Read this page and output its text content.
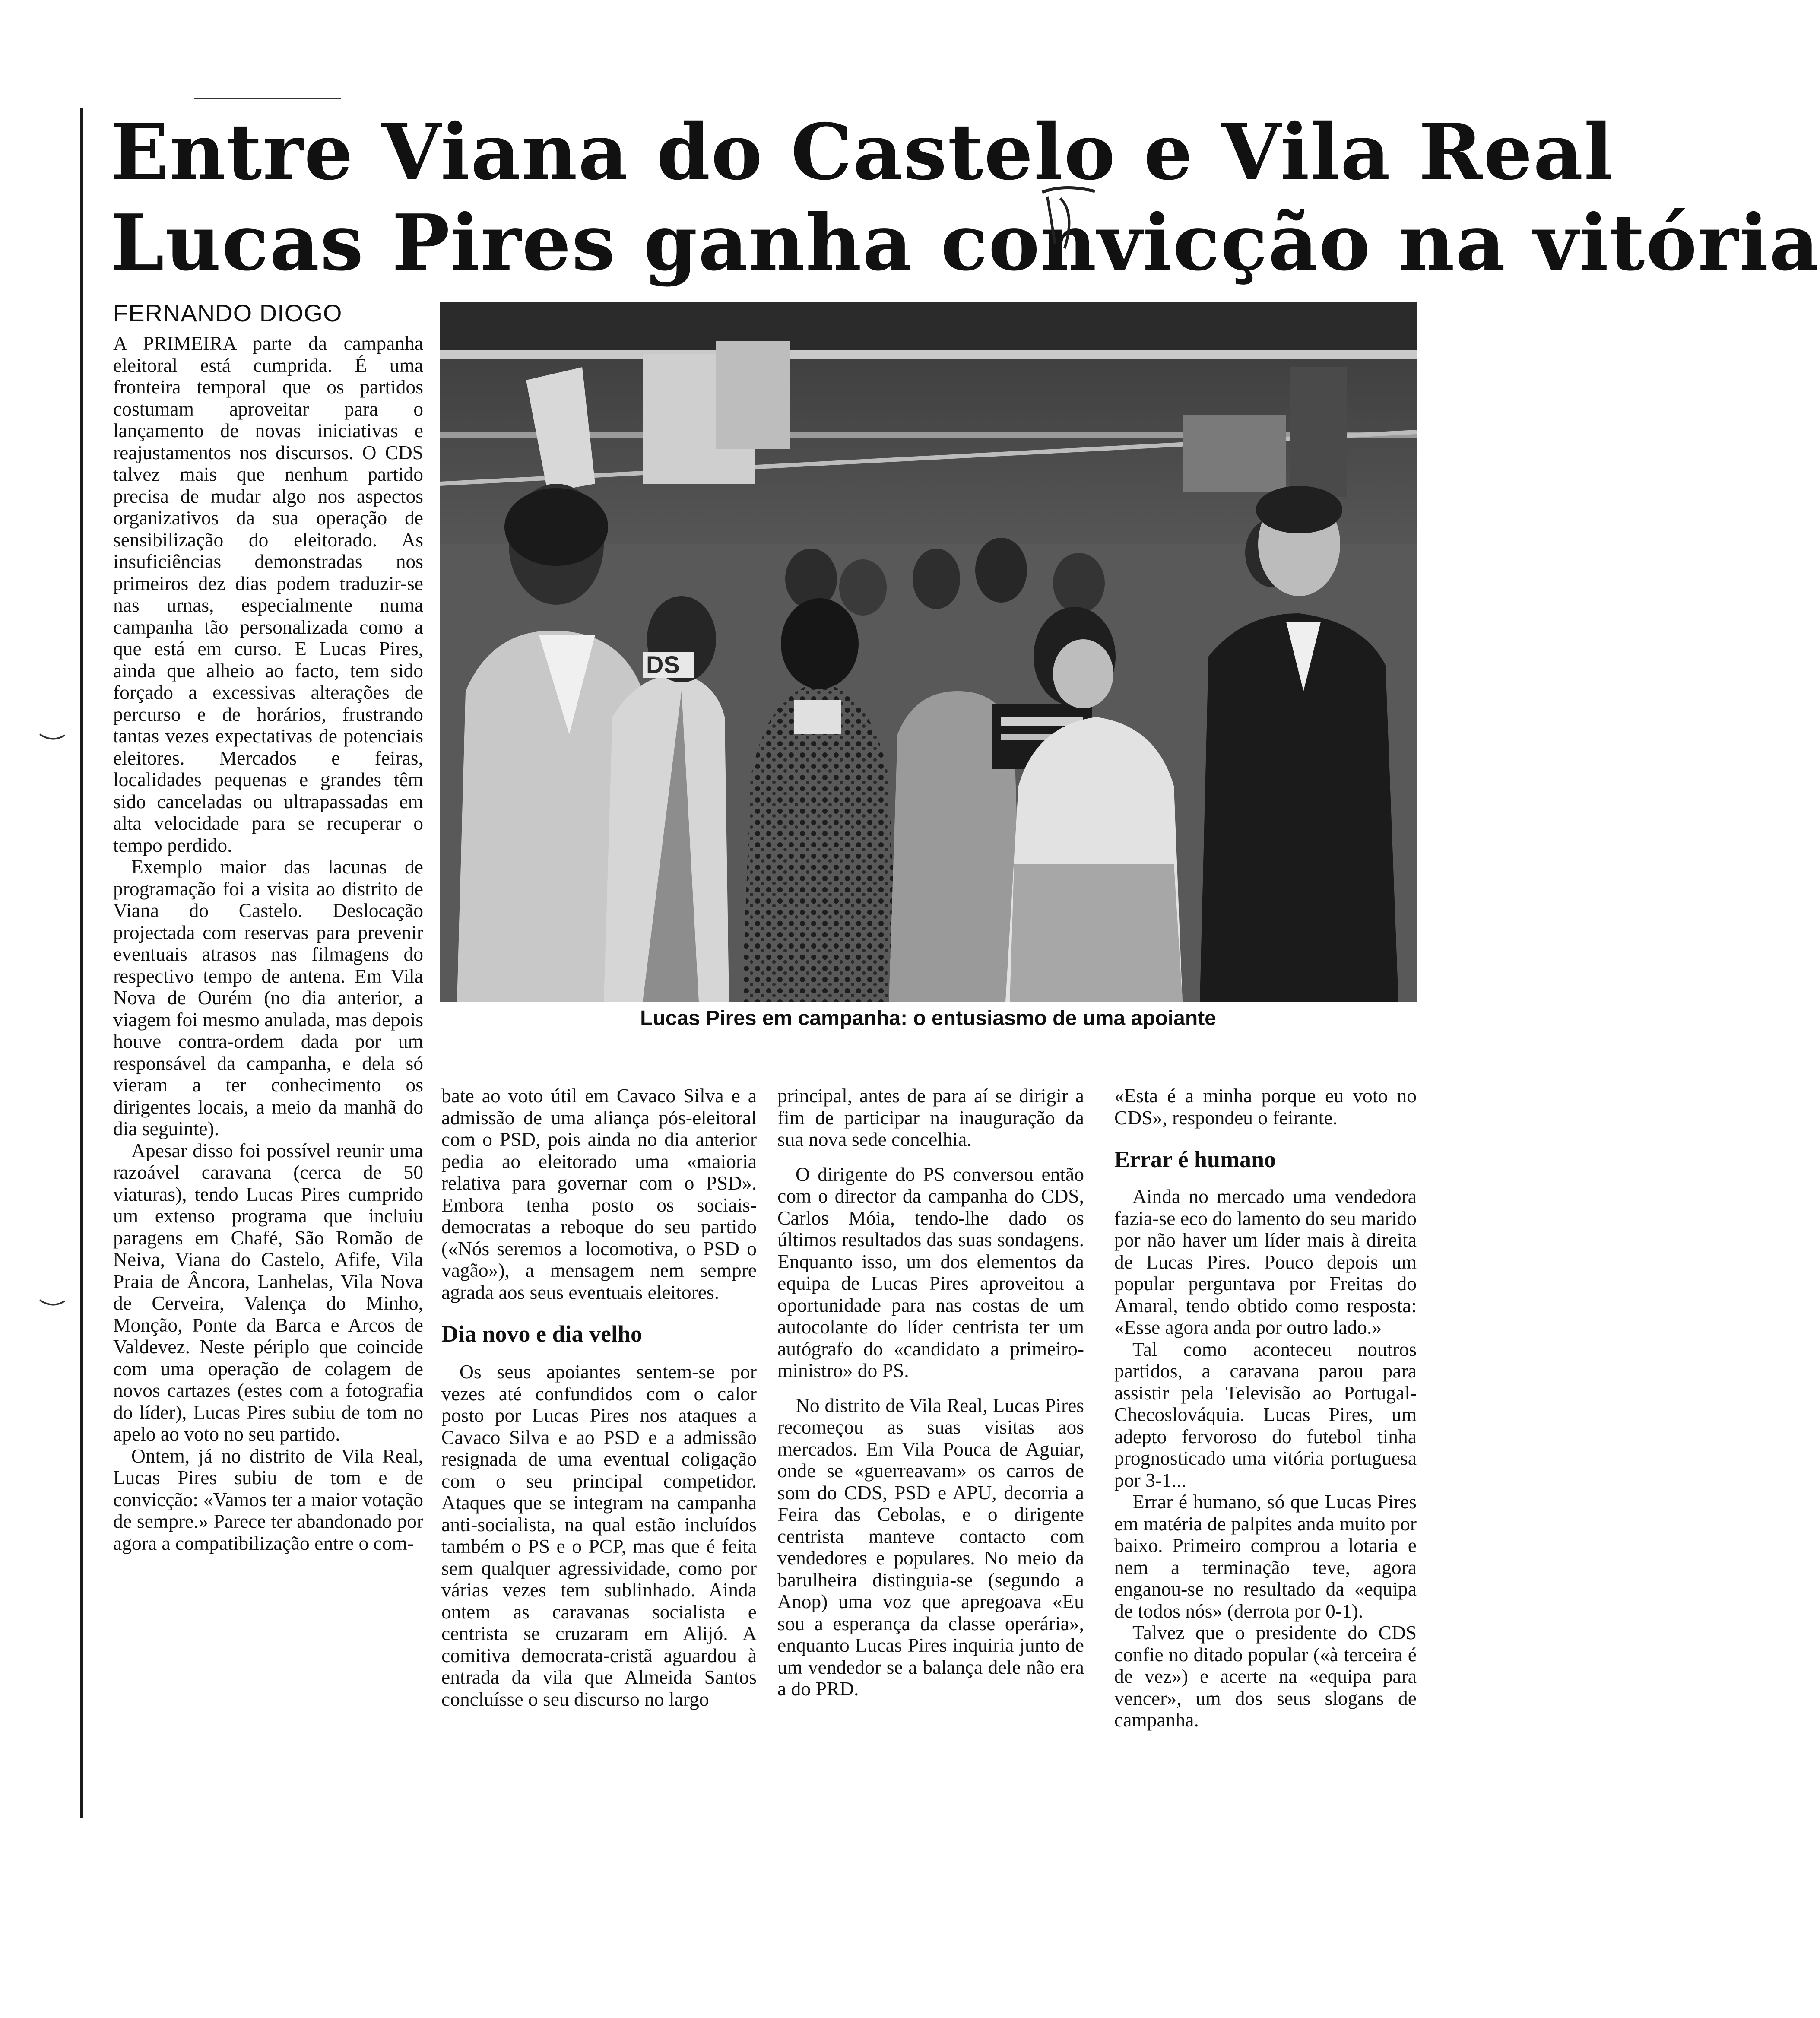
Entre Viana do Castelo e Vila Real
Lucas Pires ganha convicção na vitória
FERNANDO DIOGO

A PRIMEIRA parte da campanha eleitoral está cumprida. É uma fronteira temporal que os partidos costumam aproveitar para o lançamento de novas iniciativas e reajustamentos nos discursos. O CDS talvez mais que nenhum partido precisa de mudar algo nos aspectos organizativos da sua operação de sensibilização do eleitorado. As insuficiências demonstradas nos primeiros dez dias podem traduzir-se nas urnas, especialmente numa campanha tão personalizada como a que está em curso. E Lucas Pires, ainda que alheio ao facto, tem sido forçado a excessivas alterações de percurso e de horários, frustrando tantas vezes expectativas de potenciais eleitores. Mercados e feiras, localidades pequenas e grandes têm sido canceladas ou ultrapassadas em alta velocidade para se recuperar o tempo perdido.

Exemplo maior das lacunas de programação foi a visita ao distrito de Viana do Castelo. Deslocação projectada com reservas para prevenir eventuais atrasos nas filmagens do respectivo tempo de antena. Em Vila Nova de Ourém (no dia anterior, a viagem foi mesmo anulada, mas depois houve contra-ordem dada por um responsável da campanha, e dela só vieram a ter conhecimento os dirigentes locais, a meio da manhã do dia seguinte).

Apesar disso foi possível reunir uma razoável caravana (cerca de 50 viaturas), tendo Lucas Pires cumprido um extenso programa que incluiu paragens em Chafé, São Romão de Neiva, Viana do Castelo, Afife, Vila Praia de Âncora, Lanhelas, Vila Nova de Cerveira, Valença do Minho, Monção, Ponte da Barca e Arcos de Valdevez. Neste périplo que coincide com uma operação de colagem de novos cartazes (estes com a fotografia do líder), Lucas Pires subiu de tom no apelo ao voto no seu partido.

Ontem, já no distrito de Vila Real, Lucas Pires subiu de tom e de convicção: «Vamos ter a maior votação de sempre.» Parece ter abandonado por agora a compatibilização entre o com-

DS

Lucas Pires em campanha: o entusiasmo de uma apoiante

bate ao voto útil em Cavaco Silva e a admissão de uma aliança pós-eleitoral com o PSD, pois ainda no dia anterior pedia ao eleitorado uma «maioria relativa para governar com o PSD». Embora tenha posto os sociais-democratas a reboque do seu partido («Nós seremos a locomotiva, o PSD o vagão»), a mensagem nem sempre agrada aos seus eventuais eleitores.

Dia novo e dia velho

Os seus apoiantes sentem-se por vezes até confundidos com o calor posto por Lucas Pires nos ataques a Cavaco Silva e ao PSD e a admissão resignada de uma eventual coligação com o seu principal competidor. Ataques que se integram na campanha anti-socialista, na qual estão incluídos também o PS e o PCP, mas que é feita sem qualquer agressividade, como por várias vezes tem sublinhado. Ainda ontem as caravanas socialista e centrista se cruzaram em Alijó. A comitiva democrata-cristã aguardou à entrada da vila que Almeida Santos concluísse o seu discurso no largo

principal, antes de para aí se dirigir a fim de participar na inauguração da sua nova sede concelhia.

O dirigente do PS conversou então com o director da campanha do CDS, Carlos Móia, tendo-lhe dado os últimos resultados das suas sondagens. Enquanto isso, um dos elementos da equipa de Lucas Pires aproveitou a oportunidade para nas costas de um autocolante do líder centrista ter um autógrafo do «candidato a primeiro-ministro» do PS.

No distrito de Vila Real, Lucas Pires recomeçou as suas visitas aos mercados. Em Vila Pouca de Aguiar, onde se «guerreavam» os carros de som do CDS, PSD e APU, decorria a Feira das Cebolas, e o dirigente centrista manteve contacto com vendedores e populares. No meio da barulheira distinguia-se (segundo a Anop) uma voz que apregoava «Eu sou a esperança da classe operária», enquanto Lucas Pires inquiria junto de um vendedor se a balança dele não era a do PRD.

«Esta é a minha porque eu voto no CDS», respondeu o feirante.

Errar é humano

Ainda no mercado uma vendedora fazia-se eco do lamento do seu marido por não haver um líder mais à direita de Lucas Pires. Pouco depois um popular perguntava por Freitas do Amaral, tendo obtido como resposta: «Esse agora anda por outro lado.»

Tal como aconteceu noutros partidos, a caravana parou para assistir pela Televisão ao Portugal-Checoslováquia. Lucas Pires, um adepto fervoroso do futebol tinha prognosticado uma vitória portuguesa por 3-1...

Errar é humano, só que Lucas Pires em matéria de palpites anda muito por baixo. Primeiro comprou a lotaria e nem a terminação teve, agora enganou-se no resultado da «equipa de todos nós» (derrota por 0-1).

Talvez que o presidente do CDS confie no ditado popular («à terceira é de vez») e acerte na «equipa para vencer», um dos seus slogans de campanha.
